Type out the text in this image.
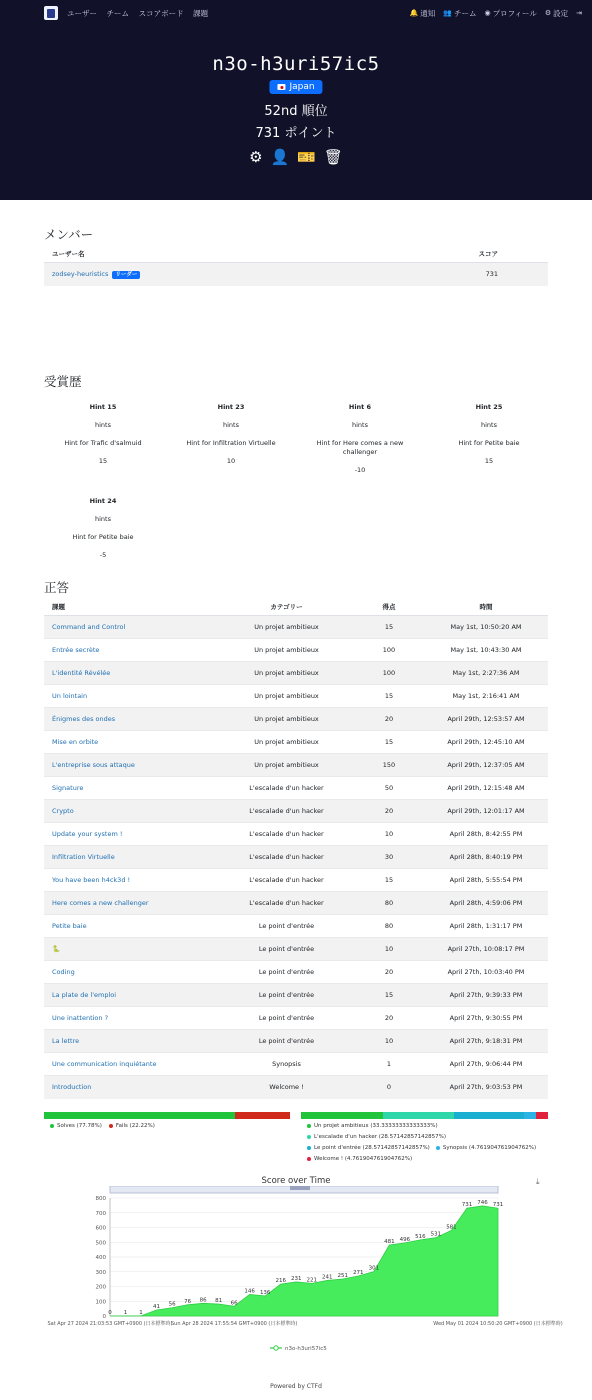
ユーザー チーム スコアボード 課題	🔔 通知 👥 チーム ◉ プロフィール ⚙ 設定 ⇥
n3o-h3uri57ic5
Japan
52nd 順位
731 ポイント
⚙ 👤 🎫 🗑
メンバー
ユーザー名	スコア
zodsey-heuristics リーダー	731
受賞歴
Hint 15
hints
Hint for Trafic d'salmuid
15
Hint 23
hints
Hint for Infiltration Virtuelle
10
Hint 6
hints
Hint for Here comes a new challenger
-10
Hint 25
hints
Hint for Petite baie
15
Hint 24
hints
Hint for Petite baie
-5
正答
課題	カテゴリー	得点	時間
Command and Control	Un projet ambitieux	15	May 1st, 10:50:20 AM
Entrée secrète	Un projet ambitieux	100	May 1st, 10:43:30 AM
L'identité Révélée	Un projet ambitieux	100	May 1st, 2:27:36 AM
Un lointain	Un projet ambitieux	15	May 1st, 2:16:41 AM
Énigmes des ondes	Un projet ambitieux	20	April 29th, 12:53:57 AM
Mise en orbite	Un projet ambitieux	15	April 29th, 12:45:10 AM
L'entreprise sous attaque	Un projet ambitieux	150	April 29th, 12:37:05 AM
Signature	L'escalade d'un hacker	50	April 29th, 12:15:48 AM
Crypto	L'escalade d'un hacker	20	April 29th, 12:01:17 AM
Update your system !	L'escalade d'un hacker	10	April 28th, 8:42:55 PM
Infiltration Virtuelle	L'escalade d'un hacker	30	April 28th, 8:40:19 PM
You have been h4ck3d !	L'escalade d'un hacker	15	April 28th, 5:55:54 PM
Here comes a new challenger	L'escalade d'un hacker	80	April 28th, 4:59:06 PM
Petite baie	Le point d'entrée	80	April 28th, 1:31:17 PM
🐍	Le point d'entrée	10	April 27th, 10:08:17 PM
Coding	Le point d'entrée	20	April 27th, 10:03:40 PM
La plate de l'emploi	Le point d'entrée	15	April 27th, 9:39:33 PM
Une inattention ?	Le point d'entrée	20	April 27th, 9:30:55 PM
La lettre	Le point d'entrée	10	April 27th, 9:18:31 PM
Une communication inquiétante	Synopsis	1	April 27th, 9:06:44 PM
Introduction	Welcome !	0	April 27th, 9:03:53 PM
Solves (77.78%)	Fails (22.22%)	Un projet ambitieux (33.33333333333333%)
L'escalade d'un hacker (28.57142857142857%)
Le point d'entrée (28.57142857142857%) Synopsis (4.761904761904762%)
Welcome ! (4.761904761904762%)
Score over Time	⤓
0
100
200
300
400
500
600
700
800
0 1 1
41 56 76 86 81 66
146 136
216 231 221 241 251 271
301
481 496 516 531
581
731 746 731
Sat Apr 27 2024 21:03:53 GMT+0900 (日本標準時)
Sun Apr 28 2024 17:55:54 GMT+0900 (日本標準時)	Wed May 01 2024 10:50:20 GMT+0900 (日本標準時)
n3o-h3uri57ic5
Powered by CTFd
